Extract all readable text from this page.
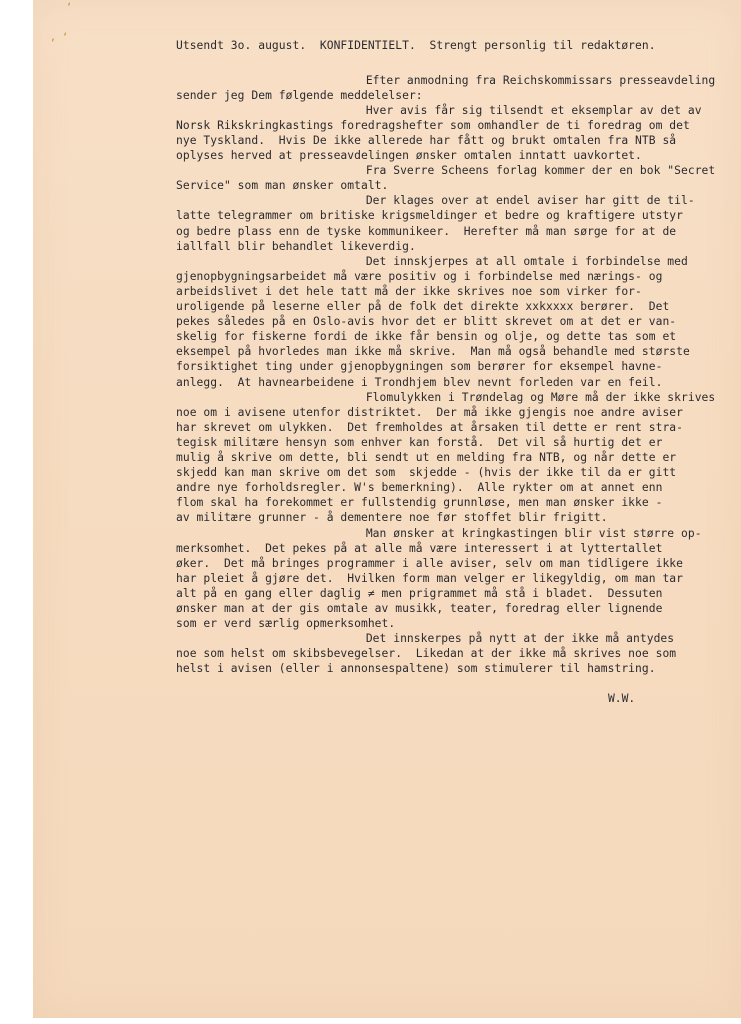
‘
‚ ‘

Utsendt 3o. august.  KONFIDENTIELT.  Strengt personlig til redaktøren.

Efter anmodning fra Reichskommissars presseavdeling
sender jeg Dem følgende meddelelser:
Hver avis får sig tilsendt et eksemplar av det av
Norsk Rikskringkastings foredragshefter som omhandler de ti foredrag om det
nye Tyskland.  Hvis De ikke allerede har fått og brukt omtalen fra NTB så
oplyses herved at presseavdelingen ønsker omtalen inntatt uavkortet.
Fra Sverre Scheens forlag kommer der en bok "Secret
Service" som man ønsker omtalt.
Der klages over at endel aviser har gitt de til-
latte telegrammer om britiske krigsmeldinger et bedre og kraftigere utstyr
og bedre plass enn de tyske kommunikeer.  Herefter må man sørge for at de
iallfall blir behandlet likeverdig.
Det innskjerpes at all omtale i forbindelse med
gjenopbygningsarbeidet må være positiv og i forbindelse med nærings- og
arbeidslivet i det hele tatt må der ikke skrives noe som virker for-
uroligende på leserne eller på de folk det direkte xxkxxxx berører.  Det
pekes således på en Oslo-avis hvor det er blitt skrevet om at det er van-
skelig for fiskerne fordi de ikke får bensin og olje, og dette tas som et
eksempel på hvorledes man ikke må skrive.  Man må også behandle med største
forsiktighet ting under gjenopbygningen som berører for eksempel havne-
anlegg.  At havnearbeidene i Trondhjem blev nevnt forleden var en feil.
Flomulykken i Trøndelag og Møre må der ikke skrives
noe om i avisene utenfor distriktet.  Der må ikke gjengis noe andre aviser
har skrevet om ulykken.  Det fremholdes at årsaken til dette er rent stra-
tegisk militære hensyn som enhver kan forstå.  Det vil så hurtig det er
mulig å skrive om dette, bli sendt ut en melding fra NTB, og når dette er
skjedd kan man skrive om det som  skjedde - (hvis der ikke til da er gitt
andre nye forholdsregler. W's bemerkning).  Alle rykter om at annet enn
flom skal ha forekommet er fullstendig grunnløse, men man ønsker ikke -
av militære grunner - å dementere noe før stoffet blir frigitt.
Man ønsker at kringkastingen blir vist større op-
merksomhet.  Det pekes på at alle må være interessert i at lyttertallet
øker.  Det må bringes programmer i alle aviser, selv om man tidligere ikke
har pleiet å gjøre det.  Hvilken form man velger er likegyldig, om man tar
alt på en gang eller daglig ≠ men prigrammet må stå i bladet.  Dessuten
ønsker man at der gis omtale av musikk, teater, foredrag eller lignende
som er verd særlig opmerksomhet.
Det innskerpes på nytt at der ikke må antydes
noe som helst om skibsbevegelser.  Likedan at der ikke må skrives noe som
helst i avisen (eller i annonsespaltene) som stimulerer til hamstring.
W.W.
